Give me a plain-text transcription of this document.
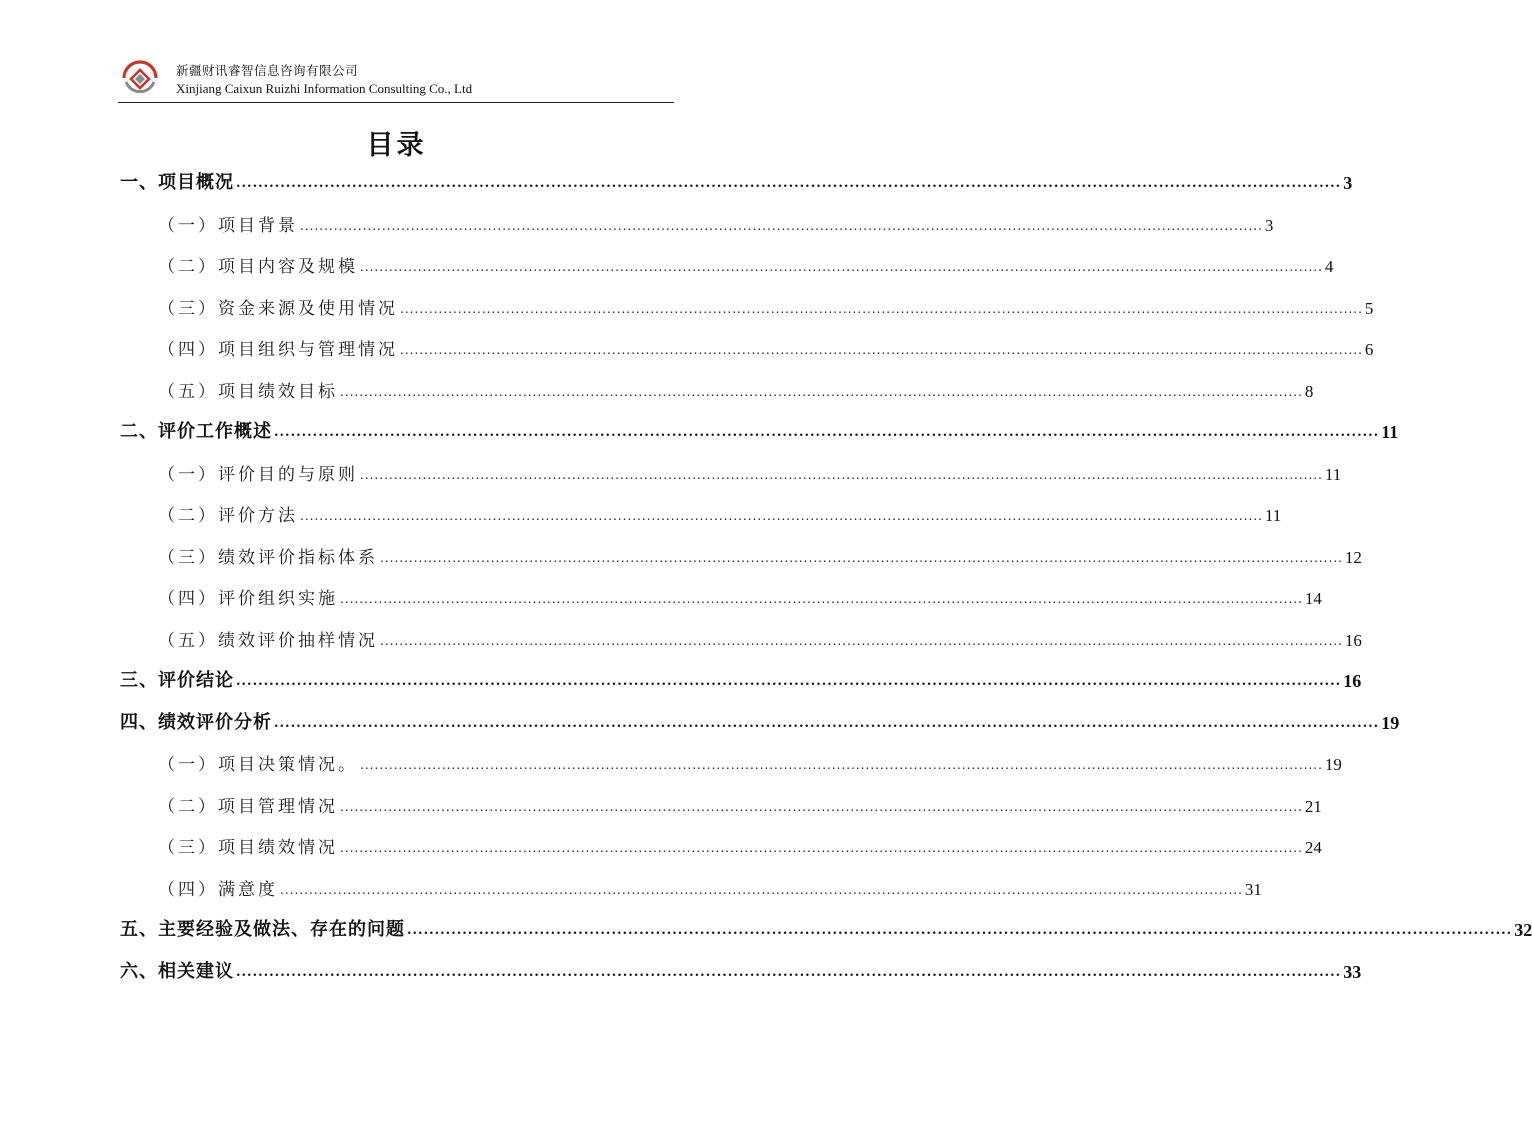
新疆财讯睿智信息咨询有限公司
Xinjiang Caixun Ruizhi Information Consulting Co., Ltd
目录
一、项目概况 ........................................................................................................................................................................................................ 3
（一）项目背景 ........................................................................................................................................................................................................ 3
（二）项目内容及规模 ........................................................................................................................................................................................................ 4
（三）资金来源及使用情况 ........................................................................................................................................................................................................ 5
（四）项目组织与管理情况 ........................................................................................................................................................................................................ 6
（五）项目绩效目标 ........................................................................................................................................................................................................ 8
二、评价工作概述 ........................................................................................................................................................................................................ 11
（一）评价目的与原则 ........................................................................................................................................................................................................ 11
（二）评价方法 ........................................................................................................................................................................................................ 11
（三）绩效评价指标体系 ........................................................................................................................................................................................................ 12
（四）评价组织实施 ........................................................................................................................................................................................................ 14
（五）绩效评价抽样情况 ........................................................................................................................................................................................................ 16
三、评价结论 ........................................................................................................................................................................................................ 16
四、绩效评价分析 ........................................................................................................................................................................................................ 19
（一）项目决策情况。 ........................................................................................................................................................................................................ 19
（二）项目管理情况 ........................................................................................................................................................................................................ 21
（三）项目绩效情况 ........................................................................................................................................................................................................ 24
（四）满意度 ........................................................................................................................................................................................................ 31
五、主要经验及做法、存在的问题 ........................................................................................................................................................................................................ 32
六、相关建议 ........................................................................................................................................................................................................ 33
